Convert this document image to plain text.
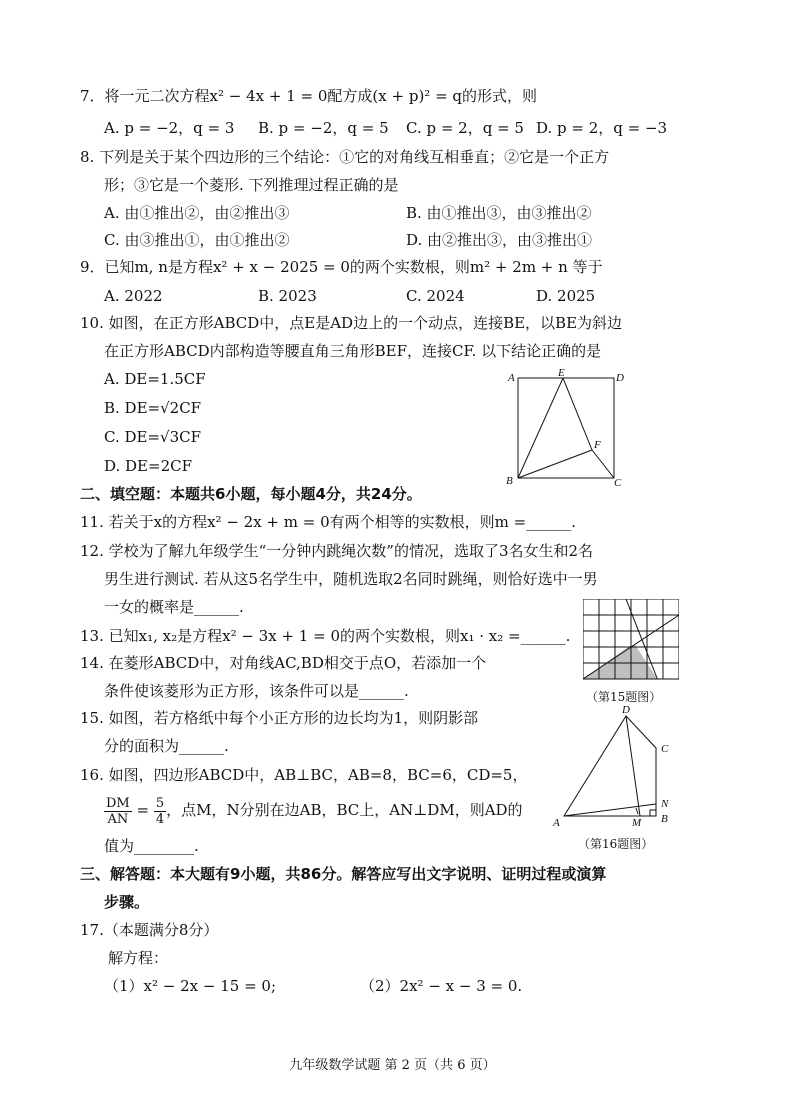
7．将一元二次方程x² − 4x + 1 = 0配方成(x + p)² = q的形式，则
A. p = −2，q = 3 B. p = −2，q = 5 C. p = 2，q = 5 D. p = 2，q = −3
8. 下列是关于某个四边形的三个结论：①它的对角线互相垂直；②它是一个正方
形；③它是一个菱形. 下列推理过程正确的是
A. 由①推出②，由②推出③	B. 由①推出③，由③推出②
C. 由③推出①，由①推出②	D. 由②推出③，由③推出①
9．已知m, n是方程x² + x − 2025 = 0的两个实数根，则m² + 2m + n 等于
A. 2022	B. 2023	C. 2024	D. 2025
10. 如图，在正方形ABCD中，点E是AD边上的一个动点，连接BE，以BE为斜边
在正方形ABCD内部构造等腰直角三角形BEF，连接CF. 以下结论正确的是
A. DE=1.5CF
B. DE=√2CF
C. DE=√3CF
D. DE=2CF
A	E	D
F
B	C
二、填空题：本题共6小题，每小题4分，共24分。
11. 若关于x的方程x² − 2x + m = 0有两个相等的实数根，则m =______.
12. 学校为了解九年级学生“一分钟内跳绳次数”的情况，选取了3名女生和2名
男生进行测试. 若从这5名学生中，随机选取2名同时跳绳，则恰好选中一男
一女的概率是______.
13. 已知x₁, x₂是方程x² − 3x + 1 = 0的两个实数根，则x₁ · x₂ =______.
14. 在菱形ABCD中，对角线AC,BD相交于点O，若添加一个
条件使该菱形为正方形，该条件可以是______.	（第15题图）
15. 如图，若方格纸中每个小正方形的边长均为1，则阴影部
分的面积为______.
16. 如图，四边形ABCD中，AB⊥BC，AB=8，BC=6，CD=5，
$\frac{DM}{AN} = \frac{5}{4}$ ，点M，N分别在边AB，BC上，AN⊥DM，则AD的
值为________.
D
C
N
A	M B
（第16题图）
三、解答题：本大题有9小题，共86分。解答应写出文字说明、证明过程或演算
步骤。
17.（本题满分8分）
解方程：
（1）x² − 2x − 15 = 0;	（2）2x² − x − 3 = 0.
九年级数学试题 第 2 页（共 6 页）
